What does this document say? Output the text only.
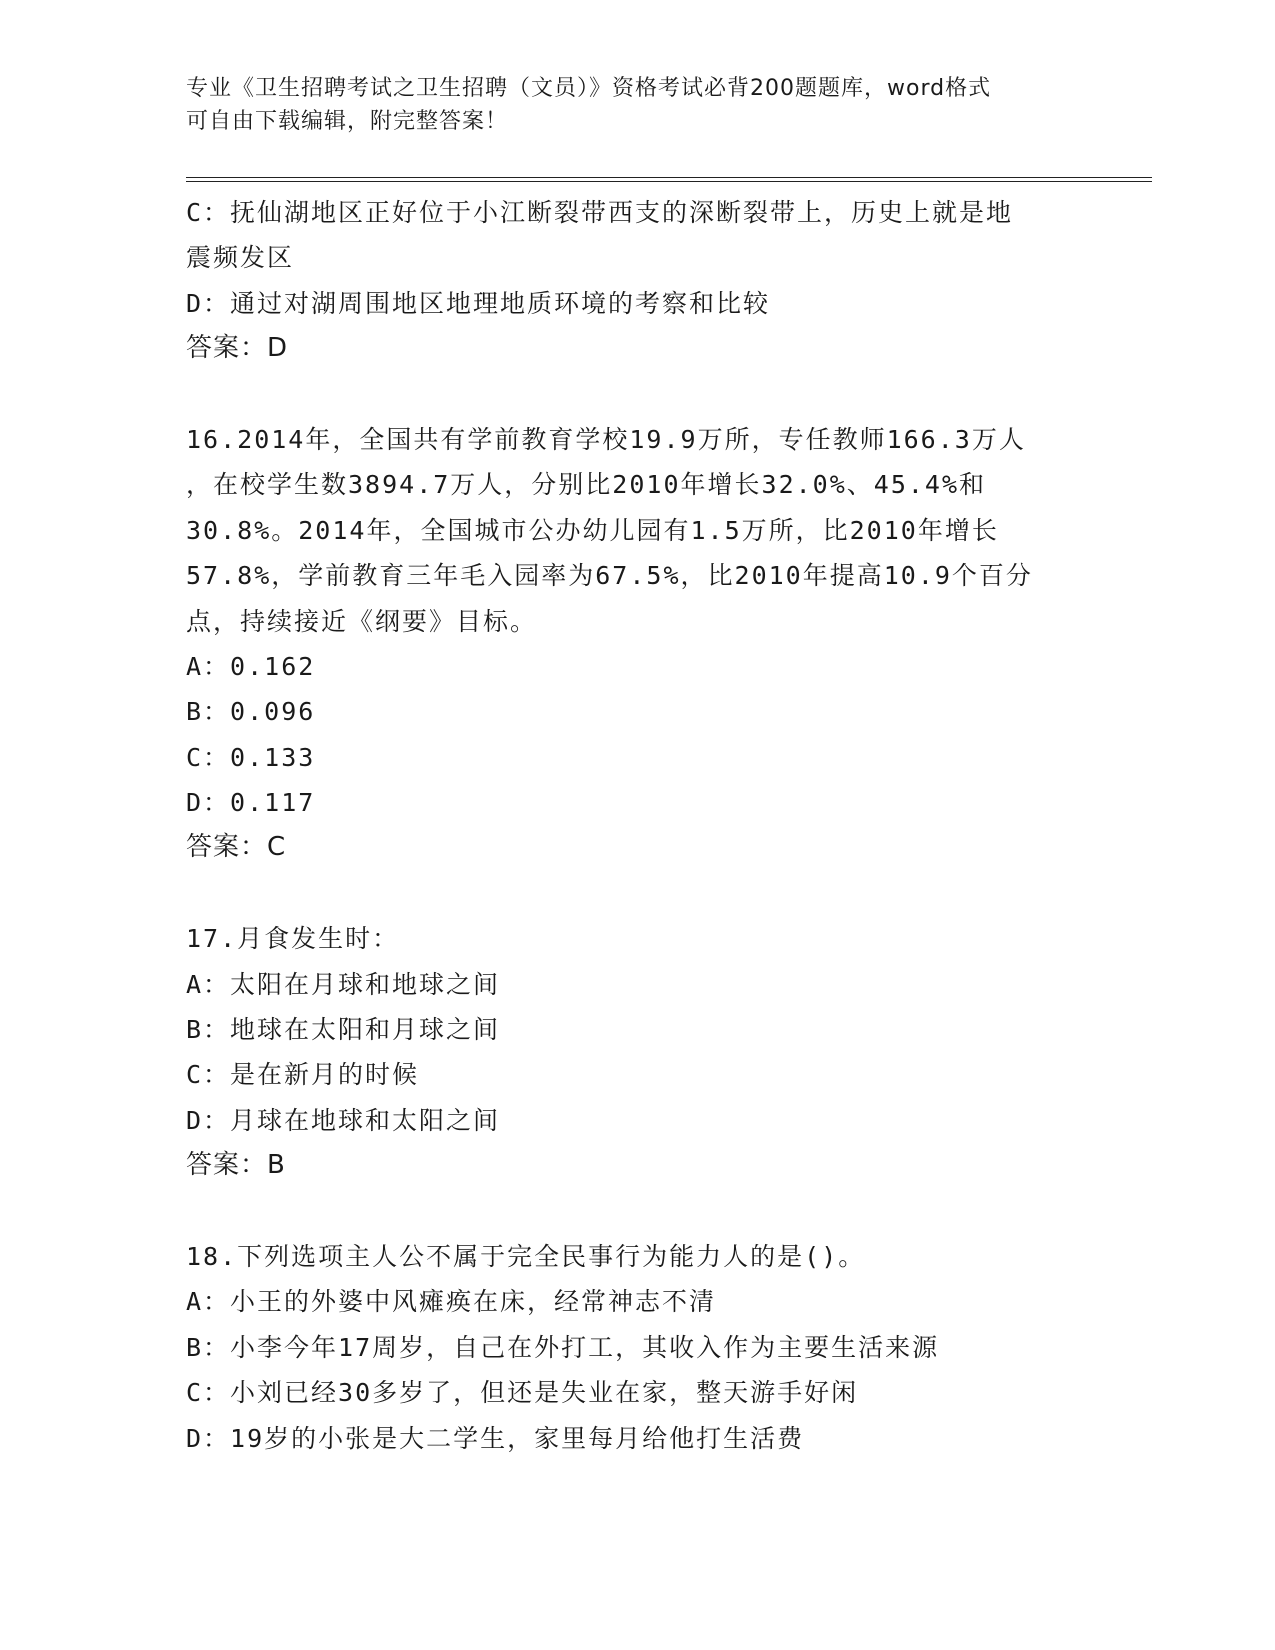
专业《卫生招聘考试之卫生招聘（文员）》资格考试必背200题题库，word格式
可自由下载编辑，附完整答案！
C：抚仙湖地区正好位于小江断裂带西支的深断裂带上，历史上就是地
震频发区
D：通过对湖周围地区地理地质环境的考察和比较
答案：D
16.2014年，全国共有学前教育学校19.9万所，专任教师166.3万人
，在校学生数3894.7万人，分别比2010年增长32.0%、45.4%和
30.8%。2014年，全国城市公办幼儿园有1.5万所，比2010年增长
57.8%，学前教育三年毛入园率为67.5%，比2010年提高10.9个百分
点，持续接近《纲要》目标。
A：0.162
B：0.096
C：0.133
D：0.117
答案：C
17.月食发生时：
A：太阳在月球和地球之间
B：地球在太阳和月球之间
C：是在新月的时候
D：月球在地球和太阳之间
答案：B
18.下列选项主人公不属于完全民事行为能力人的是()。
A：小王的外婆中风瘫痪在床，经常神志不清
B：小李今年17周岁，自己在外打工，其收入作为主要生活来源
C：小刘已经30多岁了，但还是失业在家，整天游手好闲
D：19岁的小张是大二学生，家里每月给他打生活费
